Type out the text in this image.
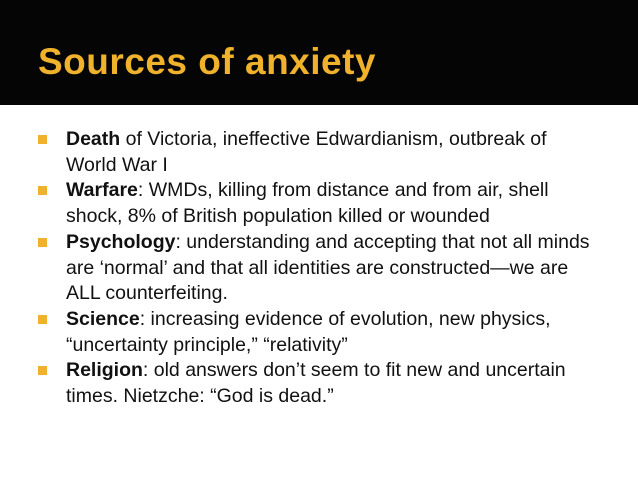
Sources of anxiety
Death of Victoria, ineffective Edwardianism, outbreak of World War I
Warfare: WMDs, killing from distance and from air, shell shock, 8% of British population killed or wounded
Psychology: understanding and accepting that not all minds are ‘normal’ and that all identities are constructed—we are ALL counterfeiting.
Science: increasing evidence of evolution, new physics, “uncertainty principle,” “relativity”
Religion: old answers don’t seem to fit new and uncertain times. Nietzche: “God is dead.”
